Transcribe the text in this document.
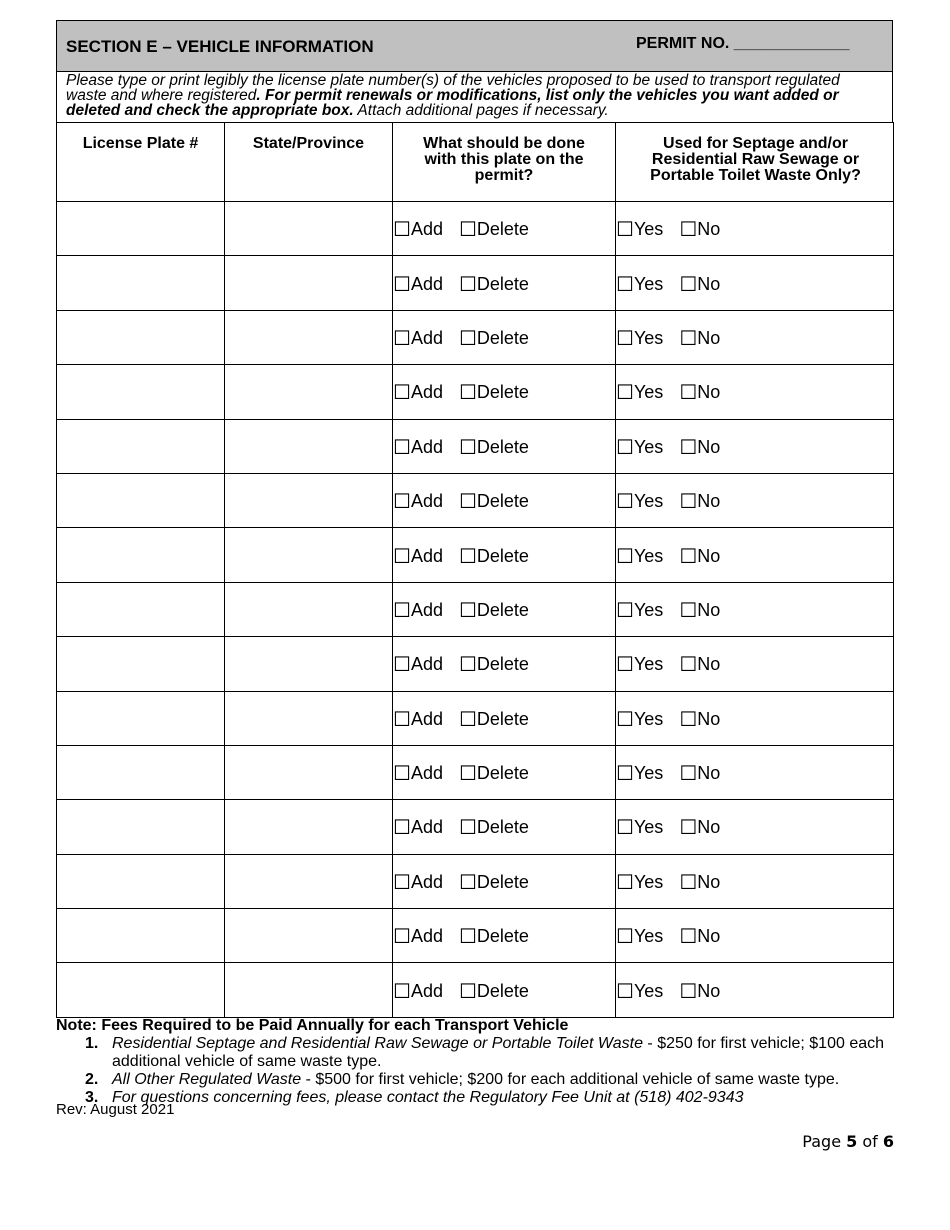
SECTION E – VEHICLE INFORMATION	PERMIT NO. _____________
Please type or print legibly the license plate number(s) of the vehicles proposed to be used to transport regulated waste and where registered. For permit renewals or modifications, list only the vehicles you want added or deleted and check the appropriate box. Attach additional pages if necessary.
License Plate #	State/Province	What should be done with this plate on the permit?	Used for Septage and/or Residential Raw Sewage or Portable Toilet Waste Only?
		☐Add ☐Delete	☐Yes ☐No
		☐Add ☐Delete	☐Yes ☐No
		☐Add ☐Delete	☐Yes ☐No
		☐Add ☐Delete	☐Yes ☐No
		☐Add ☐Delete	☐Yes ☐No
		☐Add ☐Delete	☐Yes ☐No
		☐Add ☐Delete	☐Yes ☐No
		☐Add ☐Delete	☐Yes ☐No
		☐Add ☐Delete	☐Yes ☐No
		☐Add ☐Delete	☐Yes ☐No
		☐Add ☐Delete	☐Yes ☐No
		☐Add ☐Delete	☐Yes ☐No
		☐Add ☐Delete	☐Yes ☐No
		☐Add ☐Delete	☐Yes ☐No
		☐Add ☐Delete	☐Yes ☐No
Note: Fees Required to be Paid Annually for each Transport Vehicle
1. Residential Septage and Residential Raw Sewage or Portable Toilet Waste - $250 for first vehicle; $100 each additional vehicle of same waste type.
2. All Other Regulated Waste - $500 for first vehicle; $200 for each additional vehicle of same waste type.
3. For questions concerning fees, please contact the Regulatory Fee Unit at (518) 402-9343
Rev: August 2021
Page 5 of 6
